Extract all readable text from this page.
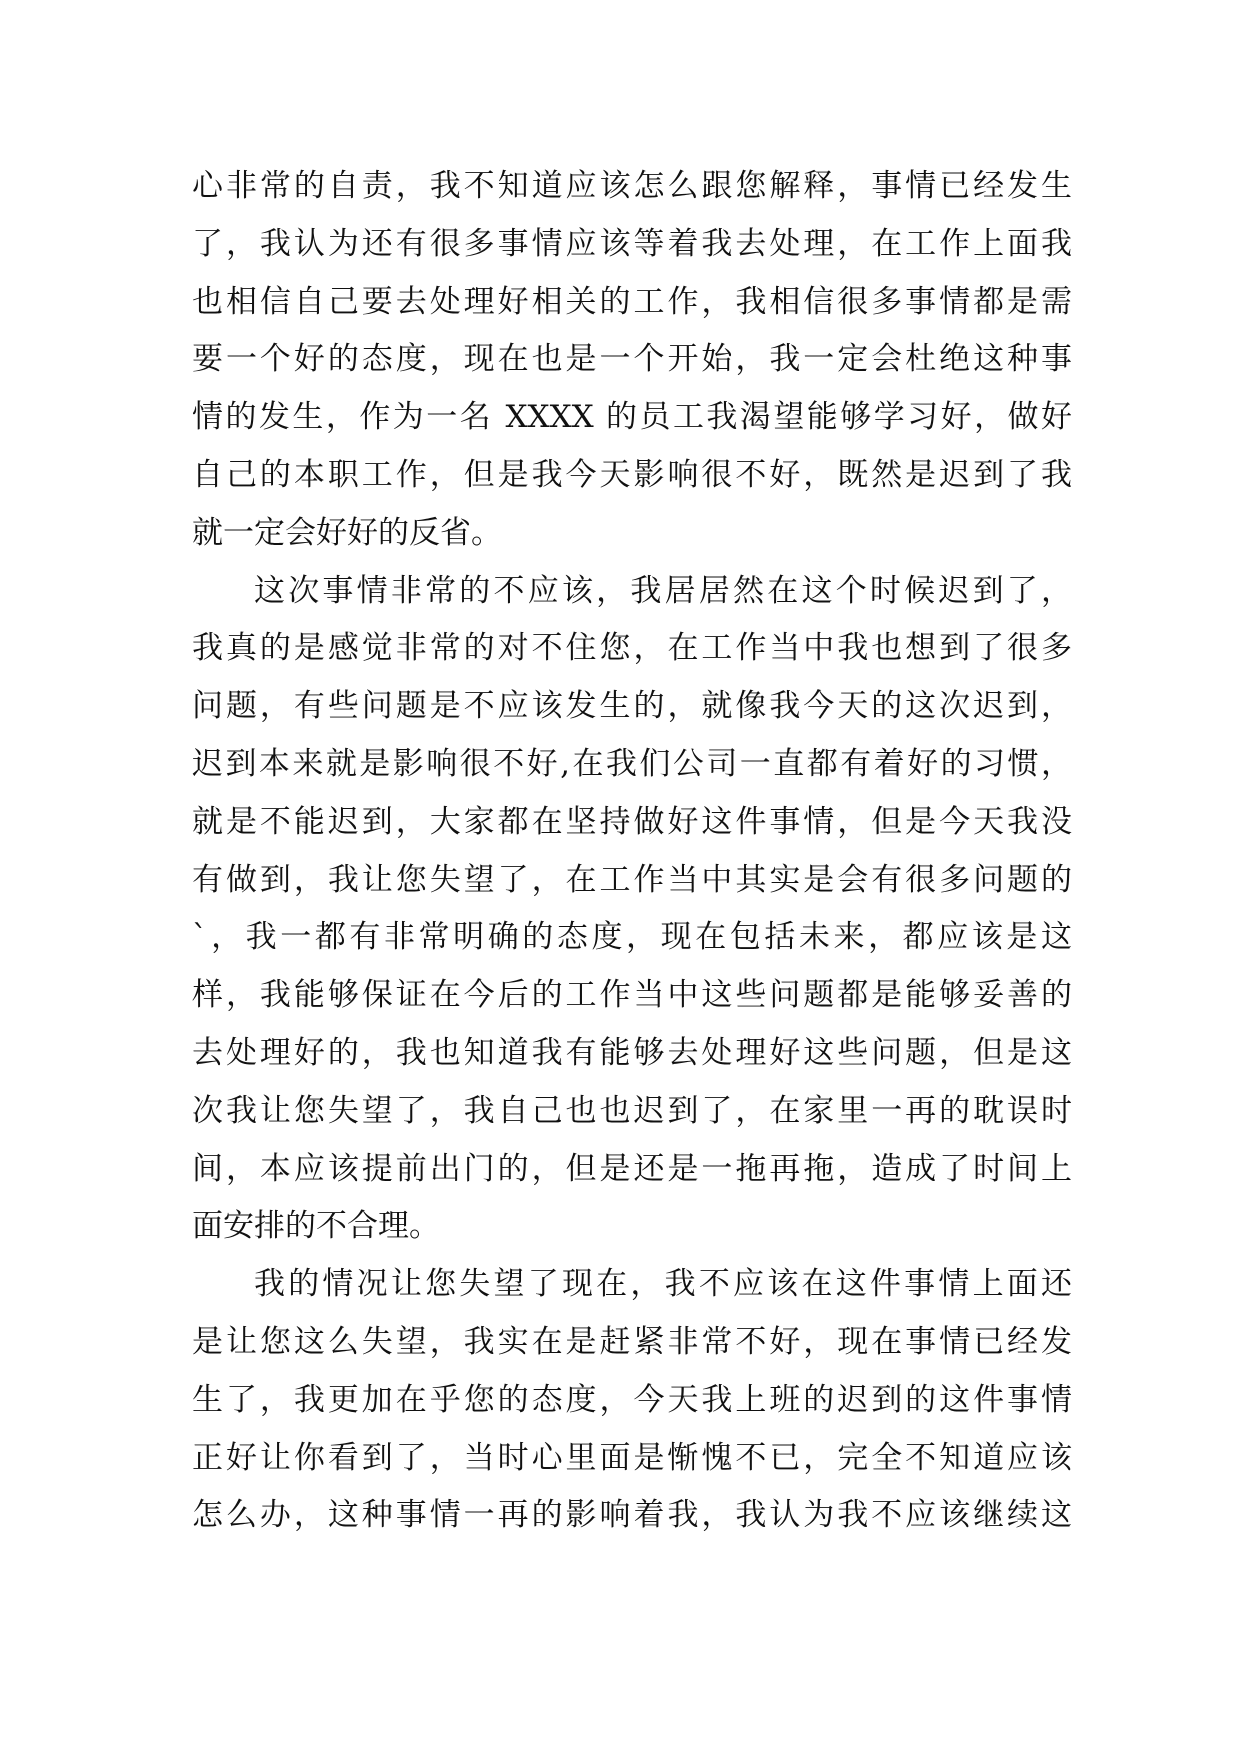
心非常的自责，我不知道应该怎么跟您解释，事情已经发生
了，我认为还有很多事情应该等着我去处理，在工作上面我
也相信自己要去处理好相关的工作，我相信很多事情都是需
要一个好的态度，现在也是一个开始，我一定会杜绝这种事
情的发生，作为一名 XXXX 的员工我渴望能够学习好，做好
自己的本职工作，但是我今天影响很不好，既然是迟到了我
就一定会好好的反省。
这次事情非常的不应该，我居居然在这个时候迟到了，
我真的是感觉非常的对不住您，在工作当中我也想到了很多
问题，有些问题是不应该发生的，就像我今天的这次迟到，
迟到本来就是影响很不好,在我们公司一直都有着好的习惯，
就是不能迟到，大家都在坚持做好这件事情，但是今天我没
有做到，我让您失望了，在工作当中其实是会有很多问题的
`，我一都有非常明确的态度，现在包括未来，都应该是这
样，我能够保证在今后的工作当中这些问题都是能够妥善的
去处理好的，我也知道我有能够去处理好这些问题，但是这
次我让您失望了，我自己也也迟到了，在家里一再的耽误时
间，本应该提前出门的，但是还是一拖再拖，造成了时间上
面安排的不合理。
我的情况让您失望了现在，我不应该在这件事情上面还
是让您这么失望，我实在是赶紧非常不好，现在事情已经发
生了，我更加在乎您的态度，今天我上班的迟到的这件事情
正好让你看到了，当时心里面是惭愧不已，完全不知道应该
怎么办，这种事情一再的影响着我，我认为我不应该继续这
